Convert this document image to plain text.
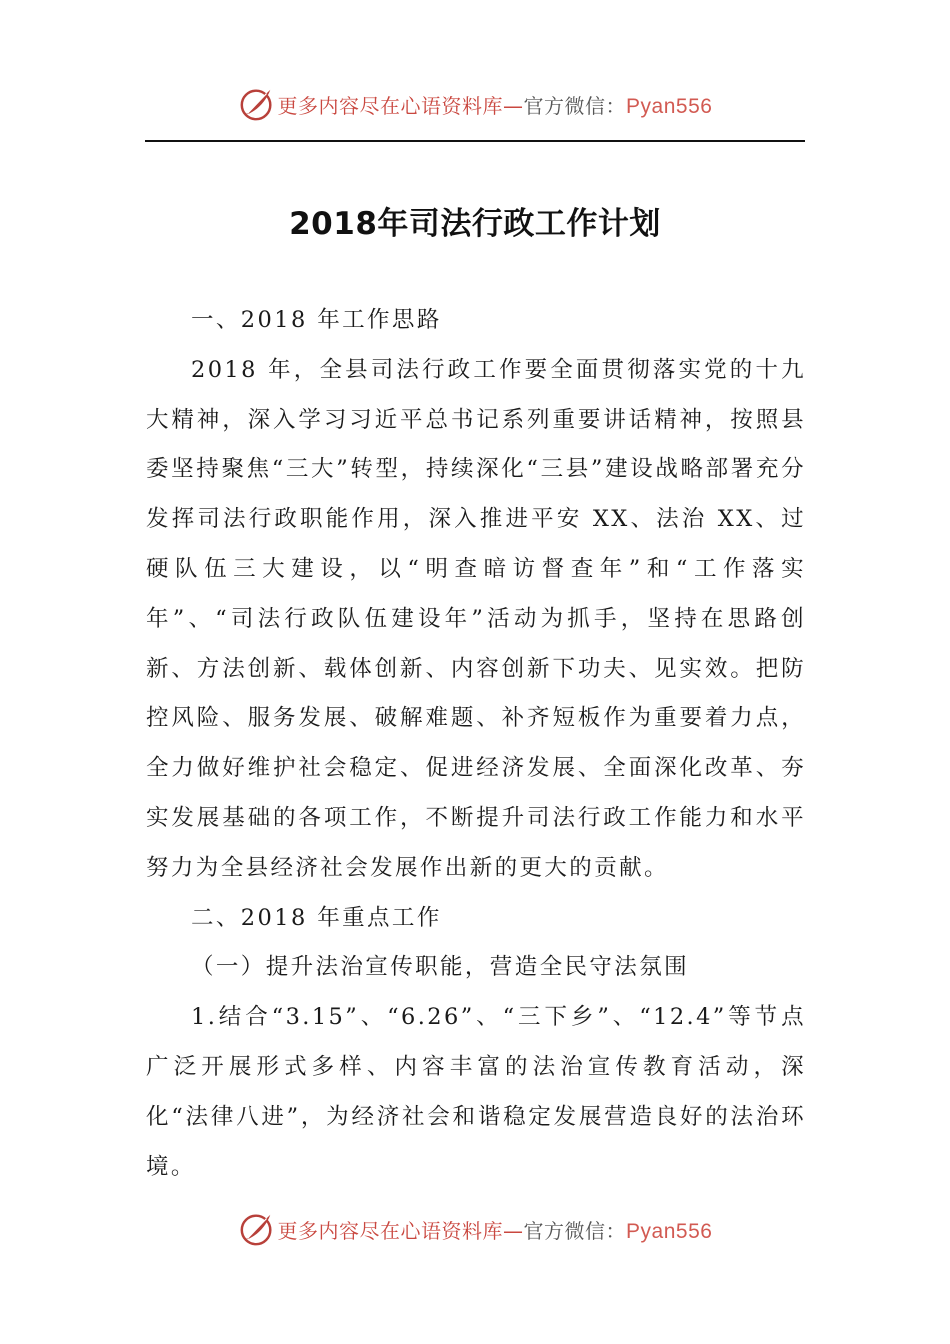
更多内容尽在心语资料库—官方微信：Pyan556
2018年司法行政工作计划

一、2018 年工作思路

2018 年，全县司法行政工作要全面贯彻落实党的十九大精神，深入学习习近平总书记系列重要讲话精神，按照县委坚持聚焦“三大”转型，持续深化“三县”建设战略部署充分发挥司法行政职能作用，深入推进平安 XX、法治 XX、过硬队伍三大建设，以“明查暗访督查年”和“工作落实年”、“司法行政队伍建设年”活动为抓手，坚持在思路创新、方法创新、载体创新、内容创新下功夫、见实效。把防控风险、服务发展、破解难题、补齐短板作为重要着力点，全力做好维护社会稳定、促进经济发展、全面深化改革、夯实发展基础的各项工作，不断提升司法行政工作能力和水平努力为全县经济社会发展作出新的更大的贡献。

二、2018 年重点工作

（一）提升法治宣传职能，营造全民守法氛围

1.结合“3.15”、“6.26”、“三下乡”、“12.4”等节点广泛开展形式多样、内容丰富的法治宣传教育活动，深化“法律八进”，为经济社会和谐稳定发展营造良好的法治环境。

更多内容尽在心语资料库—官方微信：Pyan556
